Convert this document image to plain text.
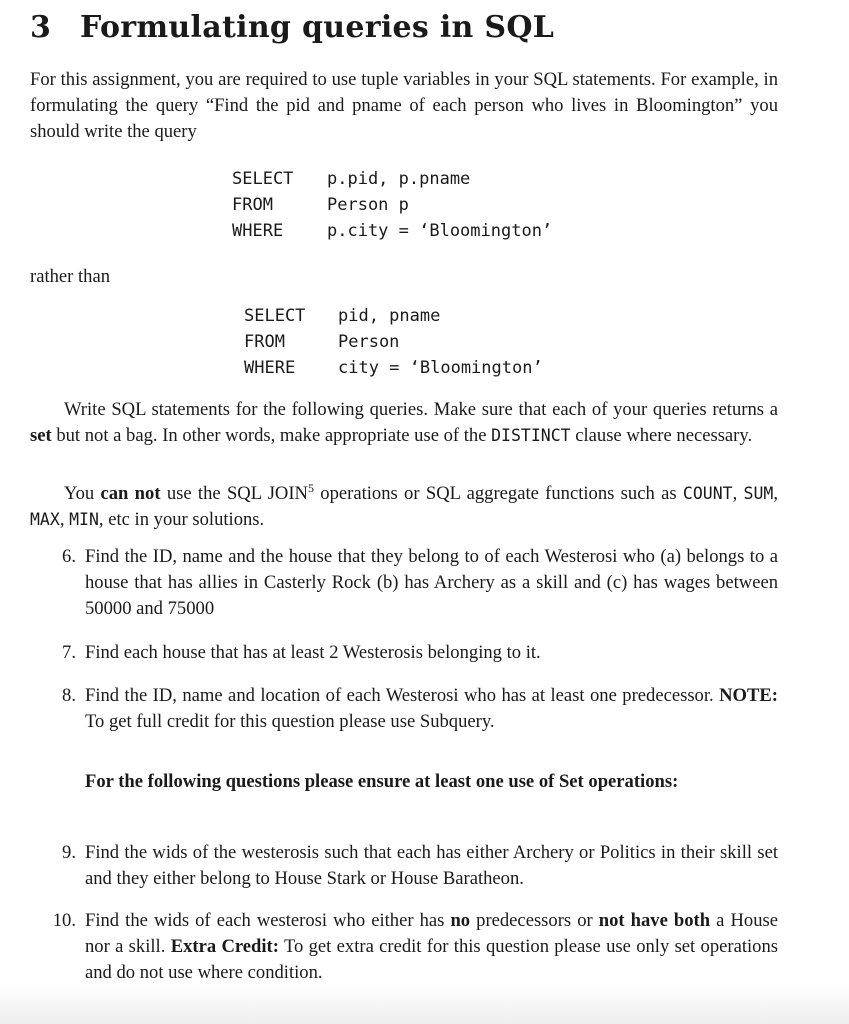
3 Formulating queries in SQL

For this assignment, you are required to use tuple variables in your SQL statements. For example, in formulating the query “Find the pid and pname of each person who lives in Bloomington” you should write the query

SELECT	p.pid, p.pname
FROM	Person p
WHERE	p.city = ‘Bloomington’

rather than

SELECT	pid, pname
FROM	Person
WHERE	city = ‘Bloomington’

Write SQL statements for the following queries. Make sure that each of your queries returns a set but not a bag. In other words, make appropriate use of the DISTINCT clause where necessary.

You can not use the SQL JOIN$^5$ operations or SQL aggregate functions such as COUNT, SUM, MAX, MIN, etc in your solutions.

6. Find the ID, name and the house that they belong to of each Westerosi who (a) belongs to a house that has allies in Casterly Rock (b) has Archery as a skill and (c) has wages between 50000 and 75000
7. Find each house that has at least 2 Westerosis belonging to it.
8. Find the ID, name and location of each Westerosi who has at least one predecessor. NOTE: To get full credit for this question please use Subquery.
For the following questions please ensure at least one use of Set operations:
9. Find the wids of the westerosis such that each has either Archery or Politics in their skill set and they either belong to House Stark or House Baratheon.
10. Find the wids of each westerosi who either has no predecessors or not have both a House nor a skill. Extra Credit: To get extra credit for this question please use only set operations and do not use where condition.
